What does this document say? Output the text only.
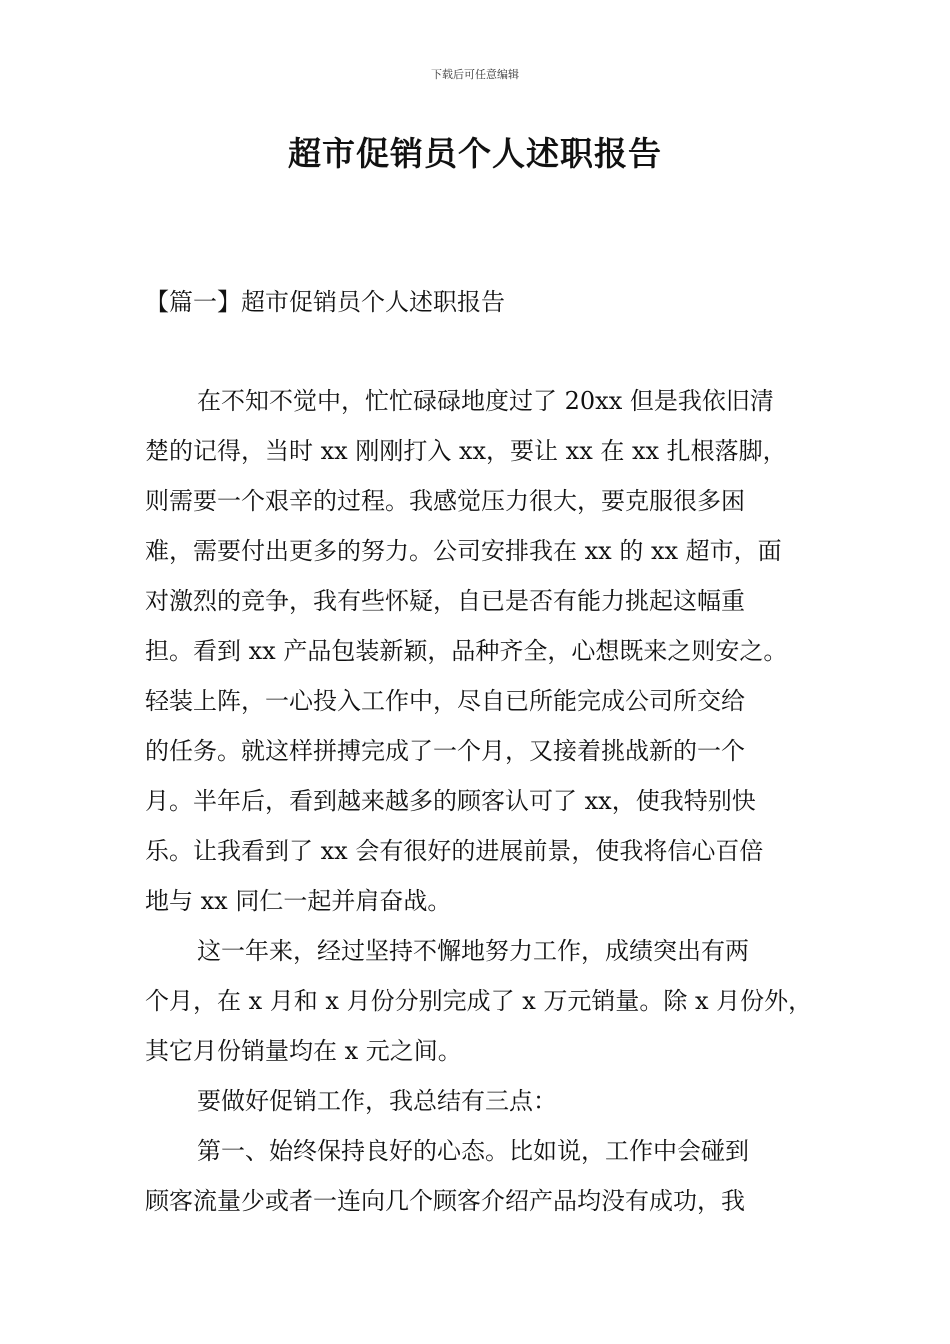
下载后可任意编辑
超市促销员个人述职报告
【篇一】超市促销员个人述职报告
在不知不觉中，忙忙碌碌地度过了 20xx 但是我依旧清
楚的记得，当时 xx 刚刚打入 xx，要让 xx 在 xx 扎根落脚，
则需要一个艰辛的过程。我感觉压力很大，要克服很多困
难，需要付出更多的努力。公司安排我在 xx 的 xx 超市，面
对激烈的竞争，我有些怀疑，自已是否有能力挑起这幅重
担。看到 xx 产品包装新颖，品种齐全，心想既来之则安之。
轻装上阵，一心投入工作中，尽自已所能完成公司所交给
的任务。就这样拼搏完成了一个月，又接着挑战新的一个
月。半年后，看到越来越多的顾客认可了 xx，使我特别快
乐。让我看到了 xx 会有很好的进展前景，使我将信心百倍
地与 xx 同仁一起并肩奋战。
这一年来，经过坚持不懈地努力工作，成绩突出有两
个月，在 x 月和 x 月份分别完成了 x 万元销量。除 x 月份外，
其它月份销量均在 x 元之间。
要做好促销工作，我总结有三点：
第一、始终保持良好的心态。比如说，工作中会碰到
顾客流量少或者一连向几个顾客介绍产品均没有成功，我
